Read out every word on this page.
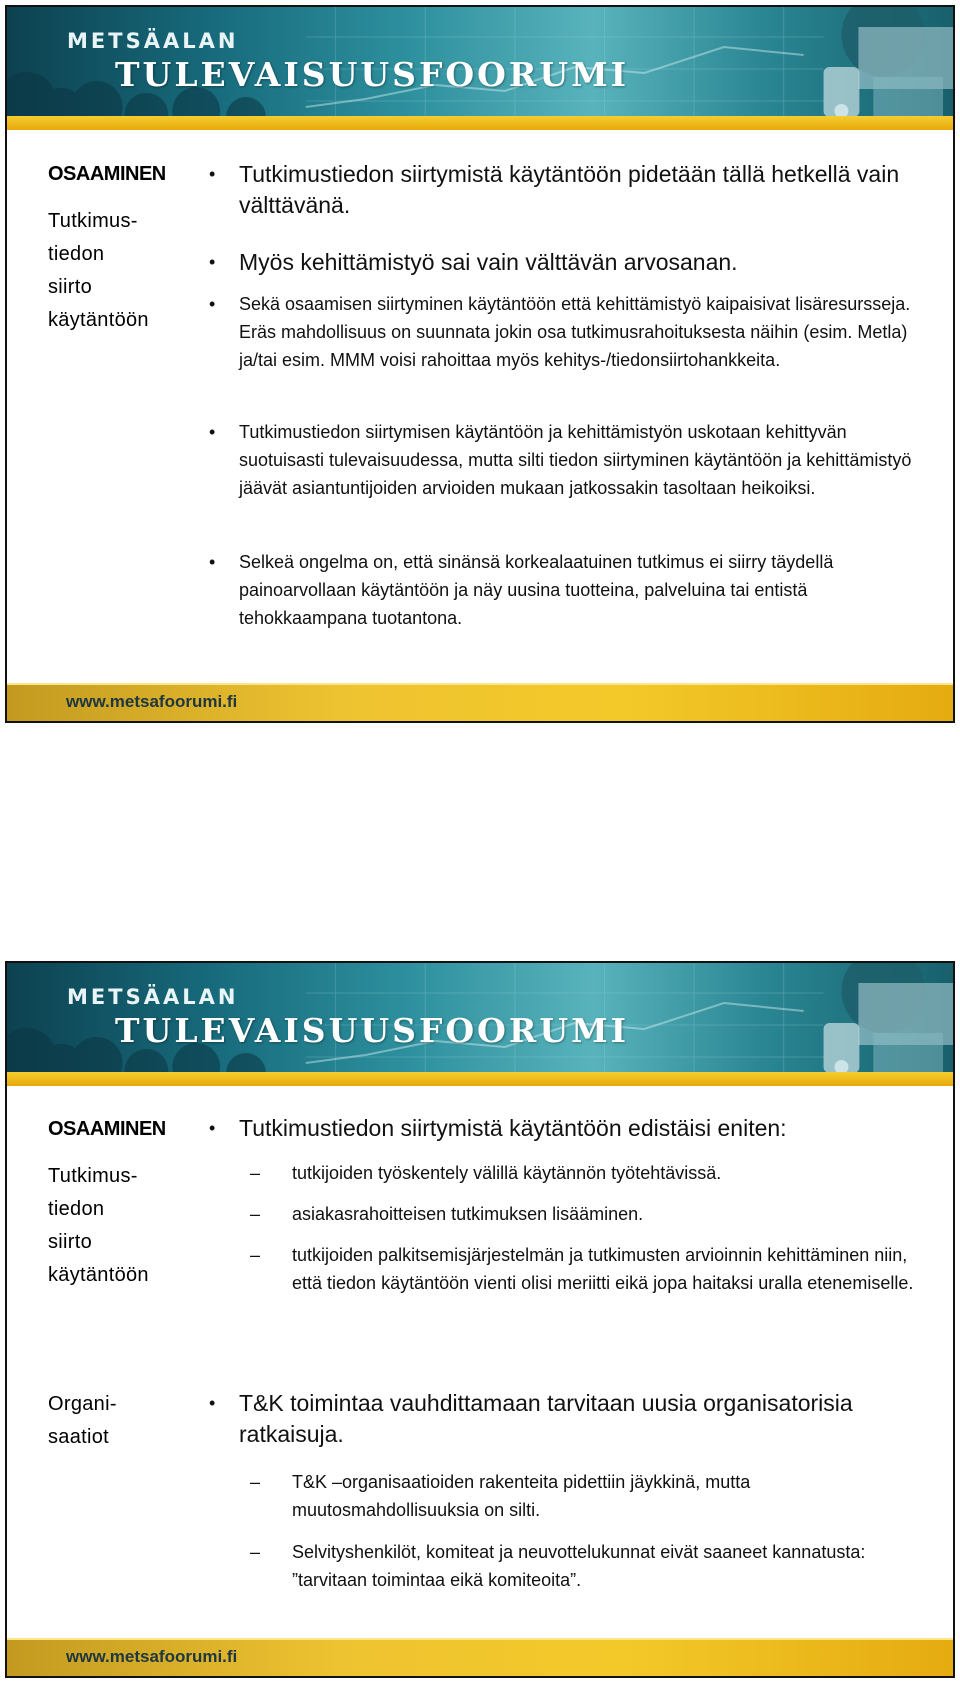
METSÄALAN
TULEVAISUUSFOORUMI
OSAAMINEN
Tutkimus-
tiedon
siirto
käytäntöön
• Tutkimustiedon siirtymistä käytäntöön pidetään tällä hetkellä vain välttävänä.
• Myös kehittämistyö sai vain välttävän arvosanan.
• Sekä osaamisen siirtyminen käytäntöön että kehittämistyö kaipaisivat lisäresursseja. Eräs mahdollisuus on suunnata jokin osa tutkimusrahoituksesta näihin (esim. Metla) ja/tai esim. MMM voisi rahoittaa myös kehitys-/tiedonsiirtohankkeita.
• Tutkimustiedon siirtymisen käytäntöön ja kehittämistyön uskotaan kehittyvän suotuisasti tulevaisuudessa, mutta silti tiedon siirtyminen käytäntöön ja kehittämistyö jäävät asiantuntijoiden arvioiden mukaan jatkossakin tasoltaan heikoiksi.
• Selkeä ongelma on, että sinänsä korkealaatuinen tutkimus ei siirry täydellä painoarvollaan käytäntöön ja näy uusina tuotteina, palveluina tai entistä tehokkaampana tuotantona.
www.metsafoorumi.fi
METSÄALAN
TULEVAISUUSFOORUMI
OSAAMINEN
Tutkimus-
tiedon
siirto
käytäntöön
Organi-
saatiot
• Tutkimustiedon siirtymistä käytäntöön edistäisi eniten:
– tutkijoiden työskentely välillä käytännön työtehtävissä.
– asiakasrahoitteisen tutkimuksen lisääminen.
– tutkijoiden palkitsemisjärjestelmän ja tutkimusten arvioinnin kehittäminen niin, että tiedon käytäntöön vienti olisi meriitti eikä jopa haitaksi uralla etenemiselle.
• T&K toimintaa vauhdittamaan tarvitaan uusia organisatorisia ratkaisuja.
– T&K –organisaatioiden rakenteita pidettiin jäykkinä, mutta muutosmahdollisuuksia on silti.
– Selvityshenkilöt, komiteat ja neuvottelukunnat eivät saaneet kannatusta: ”tarvitaan toimintaa eikä komiteoita”.
www.metsafoorumi.fi
